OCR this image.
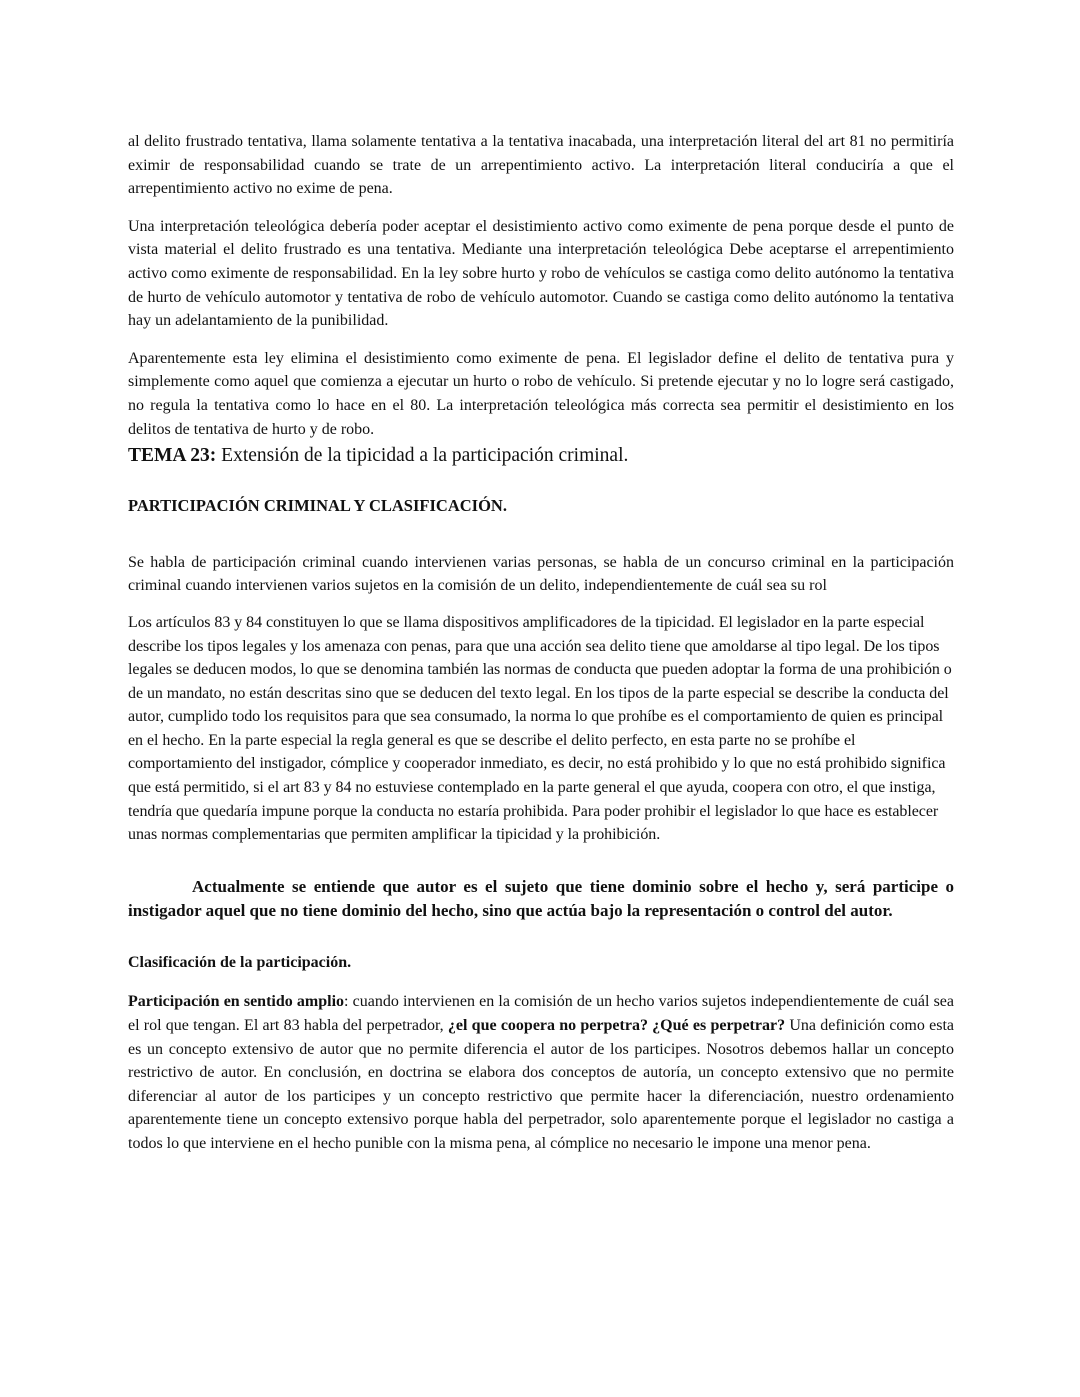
al delito frustrado tentativa, llama solamente tentativa a la tentativa inacabada, una interpretación literal del art 81 no permitiría eximir de responsabilidad cuando se trate de un arrepentimiento activo. La interpretación literal conduciría a que el arrepentimiento activo no exime de pena.

Una interpretación teleológica debería poder aceptar el desistimiento activo como eximente de pena porque desde el punto de vista material el delito frustrado es una tentativa. Mediante una interpretación teleológica Debe aceptarse el arrepentimiento activo como eximente de responsabilidad. En la ley sobre hurto y robo de vehículos se castiga como delito autónomo la tentativa de hurto de vehículo automotor y tentativa de robo de vehículo automotor. Cuando se castiga como delito autónomo la tentativa hay un adelantamiento de la punibilidad.

Aparentemente esta ley elimina el desistimiento como eximente de pena. El legislador define el delito de tentativa pura y simplemente como aquel que comienza a ejecutar un hurto o robo de vehículo. Si pretende ejecutar y no lo logre será castigado, no regula la tentativa como lo hace en el 80. La interpretación teleológica más correcta sea permitir el desistimiento en los delitos de tentativa de hurto y de robo.

TEMA 23: Extensión de la tipicidad a la participación criminal.

PARTICIPACIÓN CRIMINAL Y CLASIFICACIÓN.

Se habla de participación criminal cuando intervienen varias personas, se habla de un concurso criminal en la participación criminal cuando intervienen varios sujetos en la comisión de un delito, independientemente de cuál sea su rol

Los artículos 83 y 84 constituyen lo que se llama dispositivos amplificadores de la tipicidad. El legislador en la parte especial describe los tipos legales y los amenaza con penas, para que una acción sea delito tiene que amoldarse al tipo legal. De los tipos legales se deducen modos, lo que se denomina también las normas de conducta que pueden adoptar la forma de una prohibición o de un mandato, no están descritas sino que se deducen del texto legal. En los tipos de la parte especial se describe la conducta del autor, cumplido todo los requisitos para que sea consumado, la norma lo que prohíbe es el comportamiento de quien es principal en el hecho. En la parte especial la regla general es que se describe el delito perfecto, en esta parte no se prohíbe el comportamiento del instigador, cómplice y cooperador inmediato, es decir, no está prohibido y lo que no está prohibido significa que está permitido, si el art 83 y 84 no estuviese contemplado en la parte general el que ayuda, coopera con otro, el que instiga, tendría que quedaría impune porque la conducta no estaría prohibida. Para poder prohibir el legislador lo que hace es establecer unas normas complementarias que permiten amplificar la tipicidad y la prohibición.

Actualmente se entiende que autor es el sujeto que tiene dominio sobre el hecho y, será participe o instigador aquel que no tiene dominio del hecho, sino que actúa bajo la representación o control del autor.

Clasificación de la participación.

Participación en sentido amplio: cuando intervienen en la comisión de un hecho varios sujetos independientemente de cuál sea el rol que tengan. El art 83 habla del perpetrador, ¿el que coopera no perpetra? ¿Qué es perpetrar? Una definición como esta es un concepto extensivo de autor que no permite diferencia el autor de los participes. Nosotros debemos hallar un concepto restrictivo de autor. En conclusión, en doctrina se elabora dos conceptos de autoría, un concepto extensivo que no permite diferenciar al autor de los participes y un concepto restrictivo que permite hacer la diferenciación, nuestro ordenamiento aparentemente tiene un concepto extensivo porque habla del perpetrador, solo aparentemente porque el legislador no castiga a todos lo que interviene en el hecho punible con la misma pena, al cómplice no necesario le impone una menor pena.
